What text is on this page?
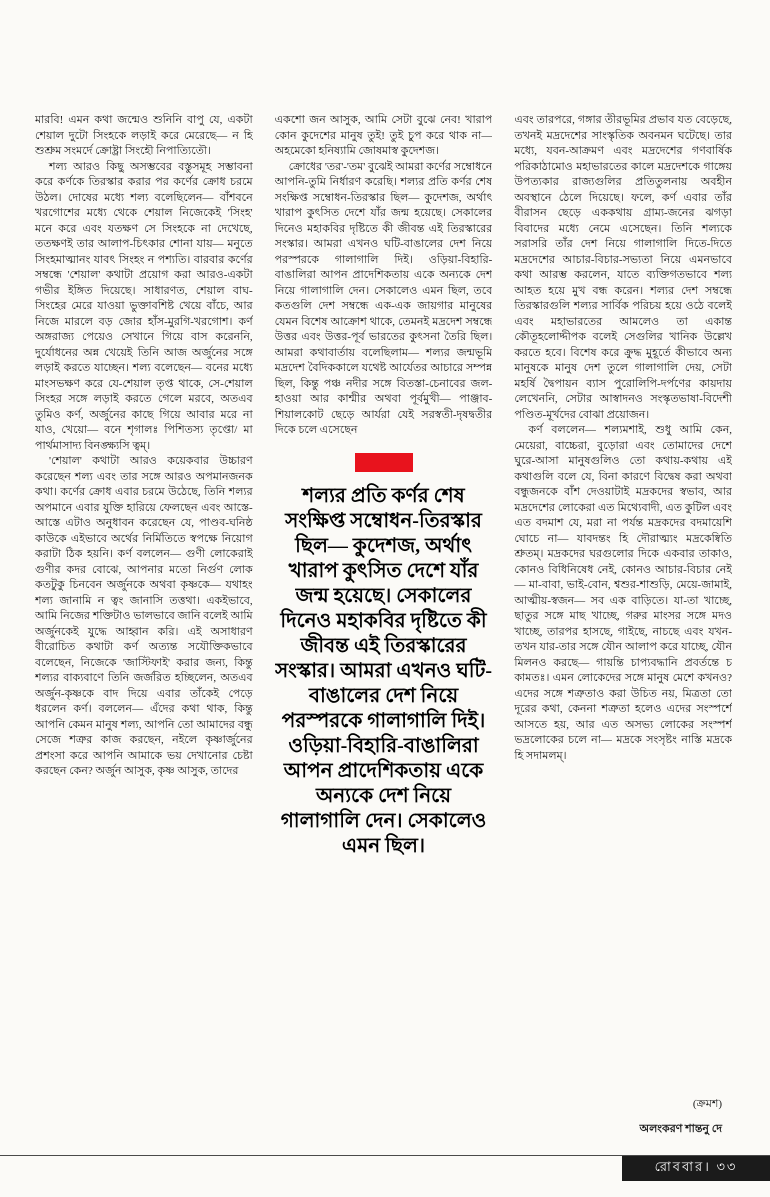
মারবি! এমন কথা জন্মেও শুনিনি বাপু যে, একটা শেয়াল দুটো সিংহকে লড়াই করে মেরেছে— ন হি শুশ্রুম সংমর্দে ক্রোষ্ট্রা সিংহৌ নিপাত্যিতৌ।

শল্য আরও কিছু অসম্ভবের বস্তুসমূহ সম্ভাবনা করে কর্ণকে তিরস্কার করার পর কর্ণের ক্রোধ চরমে উঠল। দোষের মধ্যে শল্য বলেছিলেন— বাঁশবনে খরগোশের মধ্যে থেকে শেয়াল নিজেকেই 'সিংহ' মনে করে এবং যতক্ষণ সে সিংহকে না দেখেছে, ততক্ষণই তার আলাপ-চিৎকার শোনা যায়— মনুতে সিংহমাত্মানং যাবৎ সিংহং ন পশ্যতি। বারবার কর্ণের সম্বন্ধে 'শেয়াল' কথাটা প্রয়োগ করা আরও-একটা গভীর ইঙ্গিত দিয়েছে। সাধারণত, শেয়াল বাঘ-সিংহের মেরে যাওয়া ভুক্তাবশিষ্ট খেয়ে বাঁচে, আর নিজে মারলে বড় জোর হাঁস-মুরগি-খরগোশ। কর্ণ অঙ্গরাজ্য পেয়েও সেখানে গিয়ে বাস করেননি, দুর্যোধনের অন্ন খেয়েই তিনি আজ অর্জুনের সঙ্গে লড়াই করতে যাচ্ছেন। শল্য বলেছেন— বনের মধ্যে মাংসভক্ষণ করে যে-শেয়াল তৃপ্ত থাকে, সে-শেয়াল সিংহর সঙ্গে লড়াই করতে গেলে মরবে, অতএব তুমিও কর্ণ, অর্জুনের কাছে গিয়ে আবার মরে না যাও, খেয়ো— বনে শৃগালঃ পিশিতস্য তৃপ্তো/ মা পার্থমাসাদ্য বিনঙ্ক্ষ্যসি ত্বম্।

'শেয়াল' কথাটা আরও কয়েকবার উচ্চারণ করেছেন শল্য এবং তার সঙ্গে আরও অপমানজনক কথা। কর্ণের ক্রোধ এবার চরমে উঠেছে, তিনি শল্যর অপমানে এবার যুক্তি হারিয়ে ফেলছেন এবং আস্তে-আস্তে এটাও অনুধাবন করেছেন যে, পাণ্ডব-ঘনিষ্ঠ কাউকে এইভাবে অর্থের নির্মিতিতে স্বপক্ষে নিয়োগ করাটা ঠিক হয়নি। কর্ণ বললেন— গুণী লোকেরাই গুণীর কদর বোঝে, আপনার মতো নির্গুণ লোক কতটুকু চিনবেন অর্জুনকে অথবা কৃষ্ণকে— যথাহং শল্য জানামি ন ত্বং জানাসি তত্তথা। একইভাবে, আমি নিজের শক্তিটাও ভালভাবে জানি বলেই আমি অর্জুনকেই যুদ্ধে আহ্বান করি। এই অসাধারণ বীরোচিত কথাটা কর্ণ অত্যন্ত সযৌক্তিকভাবে বলেছেন, নিজেকে 'জাস্টিফাই' করার জন্য, কিন্তু শল্যর বাক্যবাণে তিনি জর্জরিত হচ্ছিলেন, অতএব অর্জুন-কৃষ্ণকে বাদ দিয়ে এবার তাঁকেই পেড়ে ধরলেন কর্ণ। বললেন— এঁদের কথা থাক, কিন্তু আপনি কেমন মানুষ শল্য, আপনি তো আমাদের বন্ধু সেজে শত্রুর কাজ করছেন, নইলে কৃষ্ণার্জুনের প্রশংসা করে আপনি আমাকে ভয় দেখানোর চেষ্টা করছেন কেন? অর্জুন আসুক, কৃষ্ণ আসুক, তাদের

একশো জন আসুক, আমি সেটা বুঝে নেব! খারাপ কোন কুদেশের মানুষ তুই! তুই চুপ করে থাক না— অহমেকো হনিষ্যামি জোষমাস্ব কুদেশজ।

ক্রোধের 'তর'-'তম' বুঝেই আমরা কর্ণের সম্বোধনে আপনি-তুমি নির্ধারণ করেছি। শল্যর প্রতি কর্ণর শেষ সংক্ষিপ্ত সম্বোধন-তিরস্কার ছিল— কুদেশজ, অর্থাৎ খারাপ কুৎসিত দেশে যাঁর জন্ম হয়েছে। সেকালের দিনেও মহাকবির দৃষ্টিতে কী জীবন্ত এই তিরস্কারের সংস্কার। আমরা এখনও ঘটি-বাঙালের দেশ নিয়ে পরস্পরকে গালাগালি দিই। ওড়িয়া-বিহারি-বাঙালিরা আপন প্রাদেশিকতায় একে অন্যকে দেশ নিয়ে গালাগালি দেন। সেকালেও এমন ছিল, তবে কতগুলি দেশ সম্বন্ধে এক-এক জায়গার মানুষের যেমন বিশেষ আক্রোশ থাকে, তেমনই মদ্রদেশ সম্বন্ধে উত্তর এবং উত্তর-পূর্ব ভারতের কুৎসনা তৈরি ছিল। আমরা কথাবার্তায় বলেছিলাম— শল্যর জন্মভূমি মদ্রদেশ বৈদিককালে যথেষ্ট আর্যেতর আচারে সম্পন্ন ছিল, কিন্তু পঞ্চ নদীর সঙ্গে বিতস্তা-চেনাবের জল-হাওয়া আর কাশ্মীর অথবা পূর্বমুখী— পাঞ্জাব-শিয়ালকোট ছেড়ে আর্যরা যেই সরস্বতী-দৃষদ্বতীর দিকে চলে এসেছেন

শল্যর প্রতি কর্ণর শেষ সংক্ষিপ্ত সম্বোধন-তিরস্কার ছিল— কুদেশজ, অর্থাৎ খারাপ কুৎসিত দেশে যাঁর জন্ম হয়েছে। সেকালের দিনেও মহাকবির দৃষ্টিতে কী জীবন্ত এই তিরস্কারের সংস্কার। আমরা এখনও ঘটি-বাঙালের দেশ নিয়ে পরস্পরকে গালাগালি দিই। ওড়িয়া-বিহারি-বাঙালিরা আপন প্রাদেশিকতায় একে অন্যকে দেশ নিয়ে গালাগালি দেন। সেকালেও এমন ছিল।

এবং তারপরে, গঙ্গার তীরভূমির প্রভাব যত বেড়েছে, তখনই মদ্রদেশের সাংস্কৃতিক অবনমন ঘটেছে। তার মধ্যে, যবন-আক্রমণ এবং মদ্রদেশের গণবার্ষিক পরিকাঠামোও মহাভারতের কালে মদ্রদেশকে গাঙ্গেয় উপত্যকার রাজ্যগুলির প্রতিতুলনায় অবহীন অবস্থানে ঠেলে দিয়েছে। ফলে, কর্ণ এবার তাঁর বীরাসন ছেড়ে এককথায় গ্রাম্য-জনের ঝগড়া বিবাদের মধ্যে নেমে এসেছেন। তিনি শল্যকে সরাসরি তাঁর দেশ নিয়ে গালাগালি দিতে-দিতে মদ্রদেশের আচার-বিচার-সভ্যতা নিয়ে এমনভাবে কথা আরম্ভ করলেন, যাতে ব্যক্তিগতভাবে শল্য আহত হয়ে মুখ বন্ধ করেন। শল্যর দেশ সম্বন্ধে তিরস্কারগুলি শল্যর সার্বিক পরিচয় হয়ে ওঠে বলেই এবং মহাভারতের আমলেও তা একান্ত কৌতূহলোদ্দীপক বলেই সেগুলির খানিক উল্লেখ করতে হবে। বিশেষ করে ক্রুদ্ধ মুহূর্তে কীভাবে অন্য মানুষকে মানুষ দেশ তুলে গালাগালি দেয়, সেটা মহর্ষি দ্বৈপায়ন ব্যাস পুরোলিপি-দর্পণের কায়দায় লেখেননি, সেটার আস্বাদনও সংস্কৃতভাষা-বিদেশী পণ্ডিত-মূর্খদের বোঝা প্রয়োজন।

কর্ণ বললেন— শল্যমশাই, শুধু আমি কেন, মেয়েরা, বাচ্চেরা, বুড়োরা এবং তোমাদের দেশে ঘুরে-আসা মানুষগুলিও তো কথায়-কথায় এই কথাগুলি বলে যে, বিনা কারণে বিদ্বেষ করা অথবা বন্ধুজনকে বাঁশ দেওয়াটাই মদ্রকদের স্বভাব, আর মদ্রদেশের লোকেরা এত মিথ্যেবাদী, এত কুটিল এবং এত বদমাশ যে, মরা না পর্যন্ত মদ্রকদের বদমায়েশি ঘোচে না— যাবদন্তং হি দৌরাত্ম্যং মদ্রকেষ্বিতি শ্রুতম্। মদ্রকদের ঘরগুলোর দিকে একবার তাকাও, কোনও বিধিনিষেধ নেই, কোনও আচার-বিচার নেই— মা-বাবা, ভাই-বোন, শ্বশুর-শাশুড়ি, মেয়ে-জামাই, আত্মীয়-স্বজন— সব এক বাড়িতে। যা-তা খাচ্ছে, ছাতুর সঙ্গে মাছ খাচ্ছে, গরুর মাংসর সঙ্গে মদও খাচ্ছে, তারপর হাসছে, গাইছে, নাচছে এবং যখন-তখন যার-তার সঙ্গে যৌন আলাপ করে যাচ্ছে, যৌন মিলনও করছে— গায়ন্তি চাপ্যবদ্ধানি প্রবর্তন্তে চ কামতঃ। এমন লোকেদের সঙ্গে মানুষ মেশে কখনও? এদের সঙ্গে শত্রুতাও করা উচিত নয়, মিত্রতা তো দূরের কথা, কেননা শত্রুতা হলেও এদের সংস্পর্শে আসতে হয়, আর এত অসভ্য লোকের সংস্পর্শ ভদ্রলোকের চলে না— মদ্রকে সংসৃষ্টং নাস্তি মদ্রকে হি সদামলম্।

(ক্রমশ)

অলংকরণ শান্তনু দে

রোববার। ৩৩
